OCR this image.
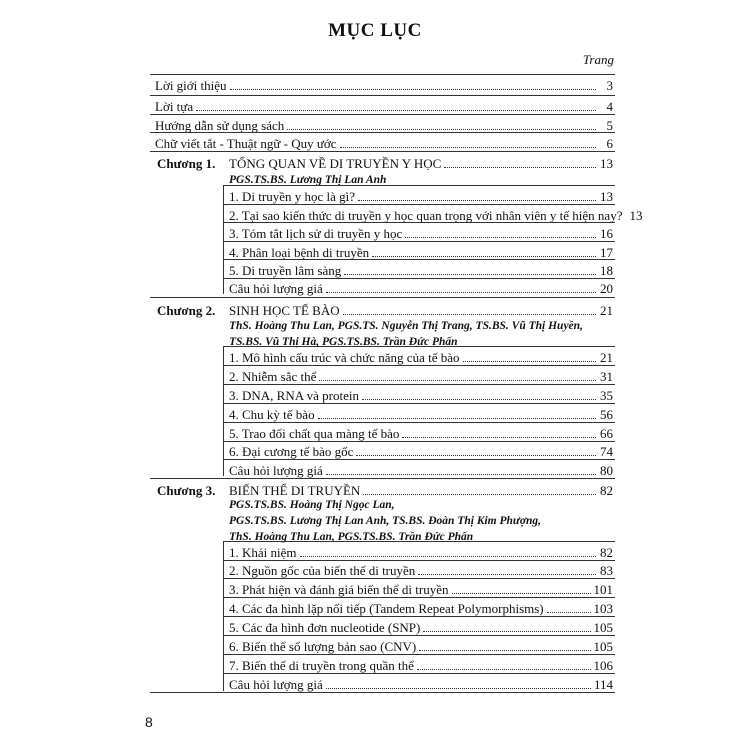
MỤC LỤC
Trang
Lời giới thiệu	3
Lời tựa	4
Hướng dẫn sử dụng sách	5
Chữ viết tắt - Thuật ngữ - Quy ước	6
Chương 1. TỔNG QUAN VỀ DI TRUYỀN Y HỌC	13
PGS.TS.BS. Lương Thị Lan Anh
1. Di truyền y học là gì?	13
2. Tại sao kiến thức di truyền y học quan trọng với nhân viên y tế hiện nay? 13
3. Tóm tắt lịch sử di truyền y học	16
4. Phân loại bệnh di truyền	17
5. Di truyền lâm sàng	18
Câu hỏi lượng giá	20
Chương 2. SINH HỌC TẾ BÀO	21
ThS. Hoàng Thu Lan, PGS.TS. Nguyễn Thị Trang, TS.BS. Vũ Thị Huyền,
TS.BS. Vũ Thị Hà, PGS.TS.BS. Trần Đức Phấn
1. Mô hình cấu trúc và chức năng của tế bào	21
2. Nhiễm sắc thể	31
3. DNA, RNA và protein	35
4. Chu kỳ tế bào	56
5. Trao đổi chất qua màng tế bào	66
6. Đại cương tế bào gốc	74
Câu hỏi lượng giá	80
Chương 3. BIẾN THỂ DI TRUYỀN	82
PGS.TS.BS. Hoàng Thị Ngọc Lan,
PGS.TS.BS. Lương Thị Lan Anh, TS.BS. Đoàn Thị Kim Phượng,
ThS. Hoàng Thu Lan, PGS.TS.BS. Trần Đức Phấn
1. Khái niệm	82
2. Nguồn gốc của biến thể di truyền	83
3. Phát hiện và đánh giá biến thể di truyền	101
4. Các đa hình lặp nối tiếp (Tandem Repeat Polymorphisms)	103
5. Các đa hình đơn nucleotide (SNP)	105
6. Biến thể số lượng bản sao (CNV)	105
7. Biến thể di truyền trong quần thể	106
Câu hỏi lượng giá	114
8
